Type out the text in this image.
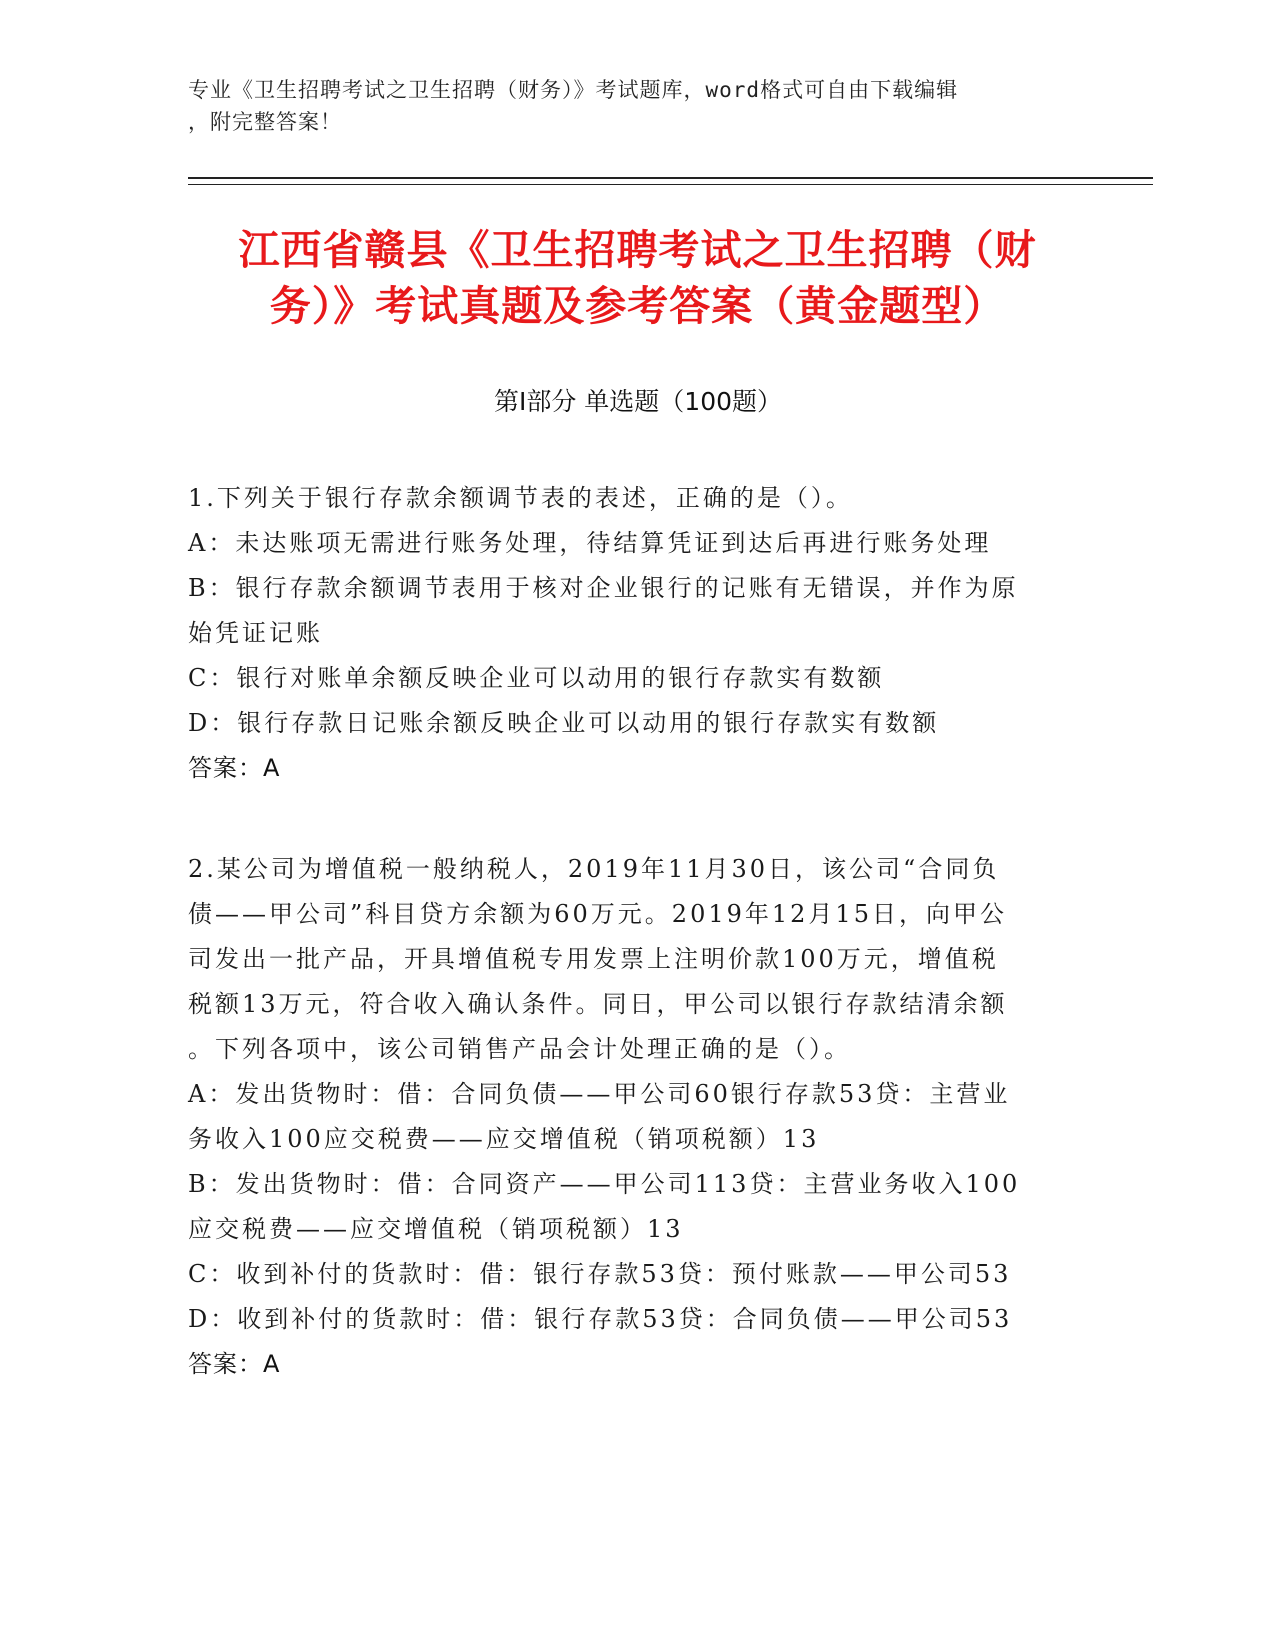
专业《卫生招聘考试之卫生招聘（财务）》考试题库，word格式可自由下载编辑
，附完整答案！
江西省赣县《卫生招聘考试之卫生招聘（财
务）》考试真题及参考答案（黄金题型）
第Ⅰ部分 单选题（100题）
1.下列关于银行存款余额调节表的表述，正确的是（）。
A：未达账项无需进行账务处理，待结算凭证到达后再进行账务处理
B：银行存款余额调节表用于核对企业银行的记账有无错误，并作为原
始凭证记账
C：银行对账单余额反映企业可以动用的银行存款实有数额
D：银行存款日记账余额反映企业可以动用的银行存款实有数额
答案：A
2.某公司为增值税一般纳税人，2019年11月30日，该公司“合同负
债——甲公司”科目贷方余额为60万元。2019年12月15日，向甲公
司发出一批产品，开具增值税专用发票上注明价款100万元，增值税
税额13万元，符合收入确认条件。同日，甲公司以银行存款结清余额
。下列各项中，该公司销售产品会计处理正确的是（）。
A：发出货物时：借：合同负债——甲公司60银行存款53贷：主营业
务收入100应交税费——应交增值税（销项税额）13
B：发出货物时：借：合同资产——甲公司113贷：主营业务收入100
应交税费——应交增值税（销项税额）13
C：收到补付的货款时：借：银行存款53贷：预付账款——甲公司53
D：收到补付的货款时：借：银行存款53贷：合同负债——甲公司53
答案：A
